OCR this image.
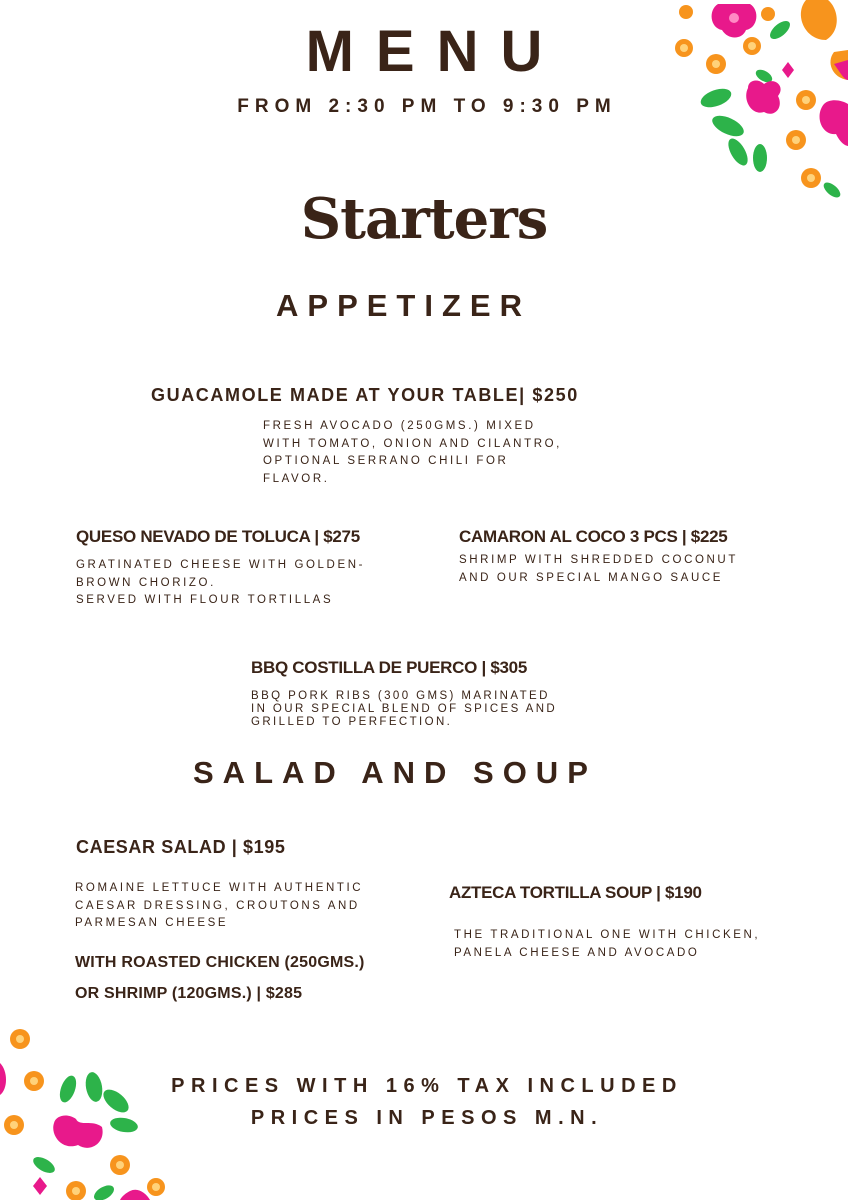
MENU
FROM 2:30 PM TO 9:30 PM
Starters
APPETIZER
GUACAMOLE MADE AT YOUR TABLE| $250
FRESH AVOCADO (250GMS.) MIXED
WITH TOMATO, ONION AND CILANTRO,
OPTIONAL SERRANO CHILI FOR
FLAVOR.
QUESO NEVADO DE TOLUCA | $275
GRATINATED CHEESE WITH GOLDEN-
BROWN CHORIZO.
SERVED WITH FLOUR TORTILLAS
CAMARON AL COCO 3 PCS | $225
SHRIMP WITH SHREDDED COCONUT
AND OUR SPECIAL MANGO SAUCE
BBQ COSTILLA DE PUERCO | $305
BBQ PORK RIBS (300 GMS) MARINATED
IN OUR SPECIAL BLEND OF SPICES AND
GRILLED TO PERFECTION.
SALAD AND SOUP
CAESAR SALAD | $195
ROMAINE LETTUCE WITH AUTHENTIC
CAESAR DRESSING, CROUTONS AND
PARMESAN CHEESE
WITH ROASTED CHICKEN (250GMS.)
OR SHRIMP (120GMS.) | $285
AZTECA TORTILLA SOUP | $190
THE TRADITIONAL ONE WITH CHICKEN,
PANELA CHEESE AND AVOCADO
PRICES WITH 16% TAX INCLUDED
PRICES IN PESOS M.N.
